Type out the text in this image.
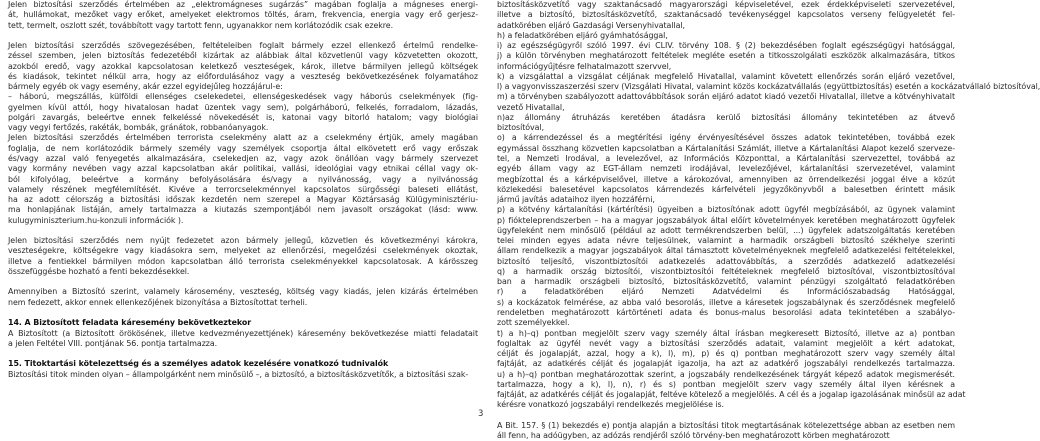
Jelen biztosítási szerződés értelmében az „elektromágneses sugárzás” magában foglalja a mágneses energi-
át, hullámokat, mezőket vagy erőket, amelyeket elektromos töltés, áram, frekvencia, energia vagy erő gerjesz-
tett, termelt, oszlott szét, továbbított vagy tartott fenn, ugyanakkor nem korlátozódik csak ezekre.
Jelen biztosítási szerződés szövegezésében, feltételeiben foglalt bármely ezzel ellenkező értelmű rendelke-
zéssel szemben, jelen biztosítás fedezetéből kizártak az alábbiak által közvetlenül vagy közvetetten okozott,
azokból eredő, vagy azokkal kapcsolatosan keletkező veszteségek, károk, illetve bármilyen jellegű költségek
és kiadások, tekintet nélkül arra, hogy az előfordulásához vagy a veszteség bekövetkezésének folyamatához
bármely egyéb ok vagy esemény, akár ezzel egyidejűleg hozzájárul-e:
– háború, megszállás, külföldi ellenséges cselekedetei, ellenségeskedések vagy háborús cselekmények (fig-
gyelmen kívül attól, hogy hivatalosan hadat üzentek vagy sem), polgárháború, felkelés, forradalom, lázadás,
polgári zavargás, beleértve ennek felkeléssé növekedését is, katonai vagy bitorló hatalom; vagy biológiai
vagy vegyi fertőzés, rakéták, bombák, gránátok, robbanóanyagok.
Jelen biztosítási szerződés értelmében terrorista cselekmény alatt az a cselekmény értjük, amely magában
foglalja, de nem korlátozódik bármely személy vagy személyek csoportja által elkövetett erő vagy erőszak
és/vagy azzal való fenyegetés alkalmazására, cselekedjen az, vagy azok önállóan vagy bármely szervezet
vagy kormány nevében vagy azzal kapcsolatban akár politikai, vallási, ideológiai vagy etnikai céllal vagy ok-
ból kifolyólag, beleértve a kormány befolyásolására és/vagy a nyilvánosság, vagy a nyilvánosság
valamely részének megfélemlítését. Kivéve a terrorcselekménnyel kapcsolatos sürgősségi baleseti ellátást,
ha az adott célország a biztosítási időszak kezdetén nem szerepel a Magyar Köztársaság Külügyminisztériu-
ma honlapjának listáján, amely tartalmazza a kiutazás szempontjából nem javasolt országokat (lásd: www.
kulugyminiszterium.hu-konzuli információk ).
Jelen biztosítási szerződés nem nyújt fedezetet azon bármely jellegű, közvetlen és következményi károkra,
veszteségekre, költségekre vagy kiadásokra sem, melyeket az ellenőrzési, megelőzési cselekmények okoztak,
illetve a fentiekkel bármilyen módon kapcsolatban álló terrorista cselekményekkel kapcsolatosak. A kárösszeg
összefüggésbe hozható a fenti bekezdésekkel.
Amennyiben a Biztosító szerint, valamely károsemény, veszteség, költség vagy kiadás, jelen kizárás értelmében
nem fedezett, akkor ennek ellenkezőjének bizonyítása a Biztosítottat terheli.
14. A Biztosított feladata káresemény bekövetkeztekor
A Biztosított (a Biztosított örökösének, illetve kedvezményezettjének) káresemény bekövetkezése miatti feladatait
a jelen Feltétel VIII. pontjának 56. pontja tartalmazza.
15. Titoktartási kötelezettség és a személyes adatok kezelésére vonatkozó tudnivalók
Biztosítási titok minden olyan – állampolgárként nem minősülő –, a biztosító, a biztosításközvetítők, a biztosítási szak-
biztosításközvetítő vagy szaktanácsadó magyarországi képviseletével, ezek érdekképviseleti szervezetével,
illetve a biztosító, biztosításközvetítő, szaktanácsadó tevékenységgel kapcsolatos verseny felügyeletét fel-
adatkörében eljáró Gazdasági Versenyhivatallal,
h) a feladatkörében eljáró gyámhatósággal,
i) az egészségügyről szóló 1997. évi CLIV. törvény 108. § (2) bekezdésében foglalt egészségügyi hatósággal,
j) a külön törvényben meghatározott feltételek megléte esetén a titkosszolgálati eszközök alkalmazására, titkos
információgyűjtésre felhatalmazott szervvel,
k) a vizsgálattal a vizsgálat céljának megfelelő Hivatallal, valamint követett ellenőrzés során eljáró vezetővel,
l) a vagyonvisszaszerzési szerv (Vizsgálati Hivatal, valamint közös kockázatvállalás (együttbiztosítás) esetén a kockázatvállaló biztosítóval,
m) a törvényben szabályozott adattovábbítások során eljáró adatot kiadó vezetői Hivatallal, illetve a kötvényhivatalt
vezető Hivatallal,
n)az állomány átruházás keretében átadásra kerülő biztosítási állomány tekintetében az átvevő
biztosítóval,
o) a kárrendezéssel és a megtérítési igény érvényesítésével összes adatok tekintetében, továbbá ezek
egymással összhang közvetlen kapcsolatban a Kártalanítási Számlát, illetve a Kártalanítási Alapot kezelő szerveze-
tel, a Nemzeti Irodával, a levelezővel, az Információs Központtal, a Kártalanítási szervezettel, továbbá az
egyéb állam vagy az EGT-állam nemzeti irodájával, levelezőjével, kártalanítási szervezetével, valamint
megbízottal és a kárképviselővel, illetve a károkozóval, amennyiben az örrendelkezési joggal élve a közút
közlekedési balesetével kapcsolatos kárrendezés kárfelvételi jegyzőkönyvből a balesetben érintett másik
jármű javítás adataihoz ilyen hozzáférni,
p) a kötvény kártalanítási (kártérítési) ügyeiben a biztosítónak adott ügyfél megbízásából, az ügynek valamint
p) fiókteleprendszerben – ha a magyar jogszabályok által előírt követelmények keretében meghatározott ügyfelek
ügyfeleként nem minősülő (például az adott termékrendszerben belül, ...) ügyfelek adatszolgáltatás keretében
telei minden egyes adata névre teljesülnek, valamint a harmadik országbeli biztosító székhelye szerinti
állam rendelkezik a magyar jogszabályok által támasztott követelményeknek megfelelő adatkezelési feltételekkel,
biztosító teljesítő, viszontbiztosítói adatkezelés adattovábbítás, a szerződés adatkezelő adatkezelési
q) a harmadik ország biztosítói, viszontbiztosítói feltételeknek megfelelő biztosítóval, viszontbiztosítóval
ban a harmadik országbeli biztosító, biztosításközvetítő, valamint pénzügyi szolgáltató feladatkörében
r) a feladatkörében eljáró Nemzeti Adatvédelmi és Információszabadság Hatósággal,
s) a kockázatok felmérése, az abba való besorolás, illetve a káresetek jogszabálynak és szerződésnek megfelelő
rendeletben meghatározott kártörténeti adata és bonus-malus besorolási adata tekintetében a szabályo-
zott személyekkel.
t) a h)–q) pontban megjelölt szerv vagy személy által írásban megkeresett Biztosító, illetve az a) pontban
foglaltak az ügyfél nevét vagy a biztosítási szerződés adatait, valamint megjelölt a kért adatokat,
célját és jogalapját, azzal, hogy a k), l), m), p) és q) pontban meghatározott szerv vagy személy által
fajtáját, az adatkérés célját és jogalapját igazolja, ha azt az adatkérő jogszabályi rendelkezés tartalmazza.
u) a h)–q) pontban meghatározottak szerint, a jogszabály rendelkezésének tárgyát képező adatok megismerését.
tartalmazza, hogy a k), l), n), r) és s) pontban megjelölt szerv vagy személy által ilyen kérésnek a
fajtáját, az adatkérés célját és jogalapját, feltéve kötelező a megjelölés. A cél és a jogalap igazolásának minősül az adat
kérésre vonatkozó jogszabályi rendelkezés megjelölése is.
A Bit. 157. § (1) bekezdés e) pontja alapján a biztosítási titok megtartásának kötelezettsége abban az esetben nem
áll fenn, ha adóügyben, az adózás rendjéről szóló törvény-ben meghatározott körben meghatározott
3
